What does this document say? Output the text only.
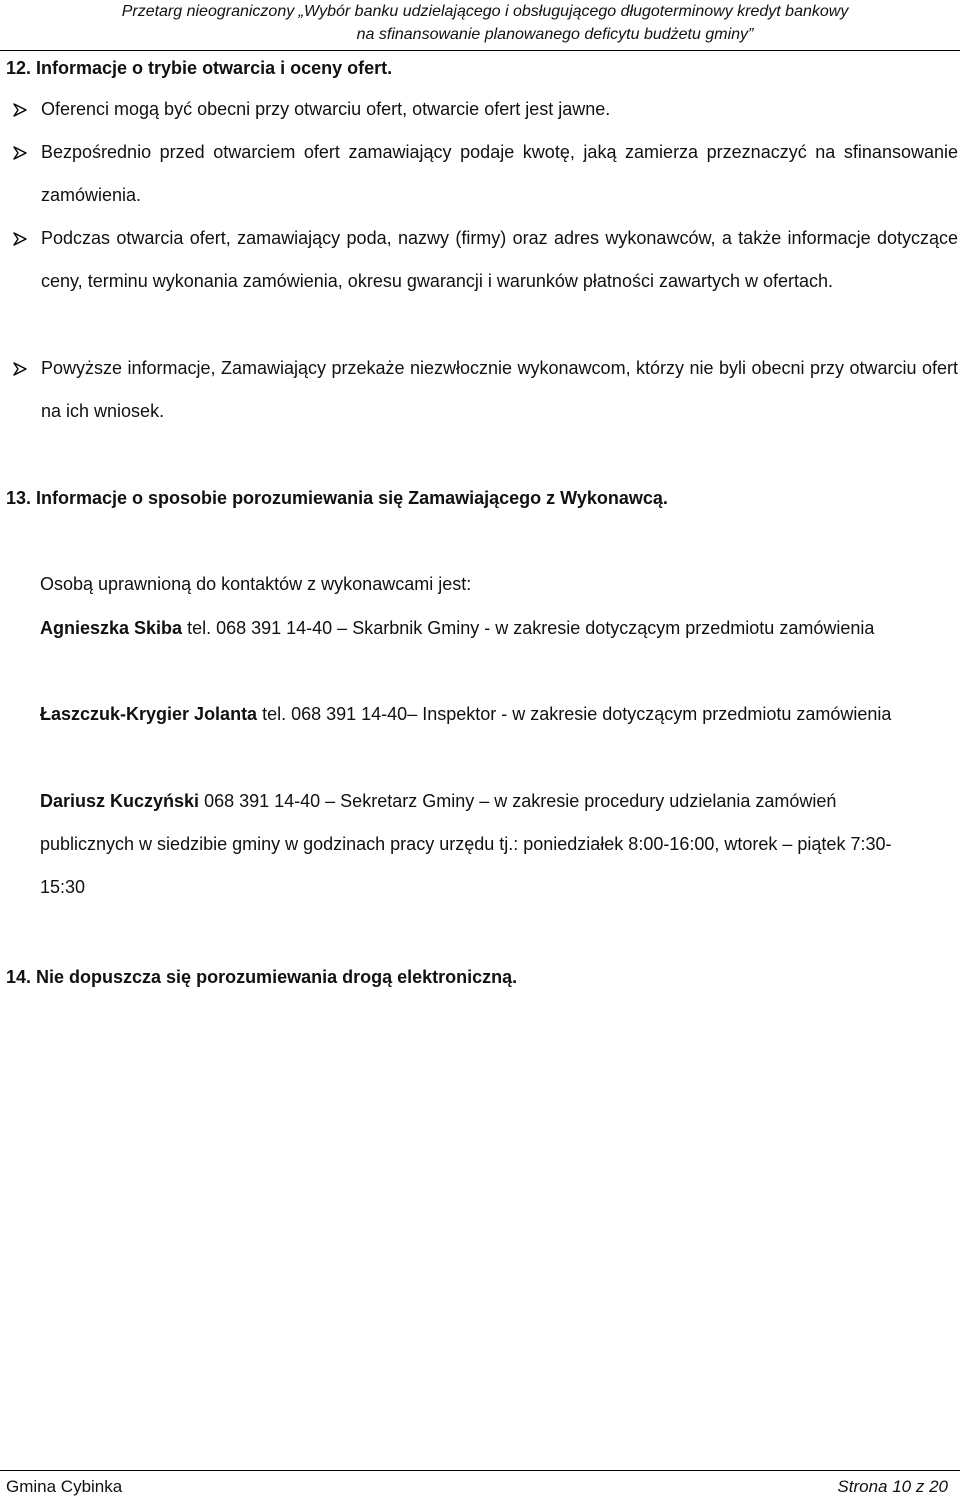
Przetarg nieograniczony „Wybór banku udzielającego i obsługującego długoterminowy kredyt bankowy
na sfinansowanie planowanego deficytu budżetu gminy”
12. Informacje o trybie otwarcia i oceny ofert.
Oferenci mogą być obecni przy otwarciu ofert, otwarcie ofert jest jawne.
Bezpośrednio przed otwarciem ofert zamawiający podaje kwotę, jaką zamierza przeznaczyć na sfinansowanie zamówienia.
Podczas otwarcia ofert, zamawiający poda, nazwy (firmy) oraz adres wykonawców, a także informacje dotyczące ceny, terminu wykonania zamówienia, okresu gwarancji i warunków płatności zawartych w ofertach.
Powyższe informacje, Zamawiający przekaże niezwłocznie wykonawcom, którzy nie byli obecni przy otwarciu ofert na ich wniosek.
13. Informacje o sposobie porozumiewania się Zamawiającego z Wykonawcą.
Osobą uprawnioną do kontaktów z wykonawcami jest:
Agnieszka Skiba tel. 068 391 14-40 – Skarbnik Gminy - w zakresie dotyczącym przedmiotu zamówienia
Łaszczuk-Krygier Jolanta tel. 068 391 14-40– Inspektor - w zakresie dotyczącym przedmiotu zamówienia
Dariusz Kuczyński 068 391 14-40 – Sekretarz Gminy – w zakresie procedury udzielania zamówień publicznych w siedzibie gminy w godzinach pracy urzędu tj.: poniedziałek 8:00-16:00, wtorek – piątek 7:30- 15:30
14. Nie dopuszcza się porozumiewania drogą elektroniczną.
Gmina Cybinka	Strona 10 z 20
